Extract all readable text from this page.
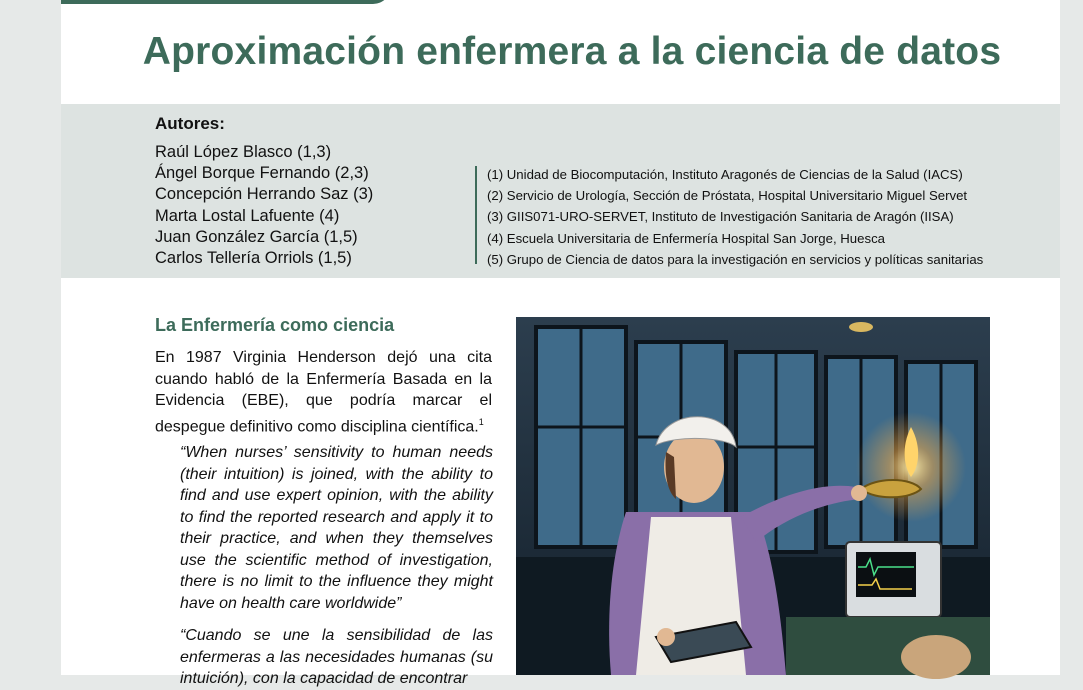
Aproximación enfermera a la ciencia de datos
Autores:
Raúl López Blasco (1,3)
Ángel Borque Fernando (2,3)
Concepción Herrando Saz (3)
Marta Lostal Lafuente (4)
Juan González García (1,5)
Carlos Tellería Orriols (1,5)
(1) Unidad de Biocomputación, Instituto Aragonés de Ciencias de la Salud (IACS)
(2) Servicio de Urología, Sección de Próstata, Hospital Universitario Miguel Servet
(3) GIIS071-URO-SERVET, Instituto de Investigación Sanitaria de Aragón (IISA)
(4) Escuela Universitaria de Enfermería Hospital San Jorge, Huesca
(5) Grupo de Ciencia de datos para la investigación en servicios y políticas sanitarias
La Enfermería como ciencia

En 1987 Virginia Henderson dejó una cita cuando habló de la Enfermería Basada en la Evidencia (EBE), que podría marcar el despegue definitivo como disciplina científica.$^1$

“When nurses’ sensitivity to human needs (their intuition) is joined, with the ability to find and use expert opinion, with the ability to find the reported research and apply it to their practice, and when they themselves use the scientific method of investigation, there is no limit to the influence they might have on health care worldwide”

“Cuando se une la sensibilidad de las enfermeras a las necesidades humanas (su intuición), con la capacidad de encontrar
